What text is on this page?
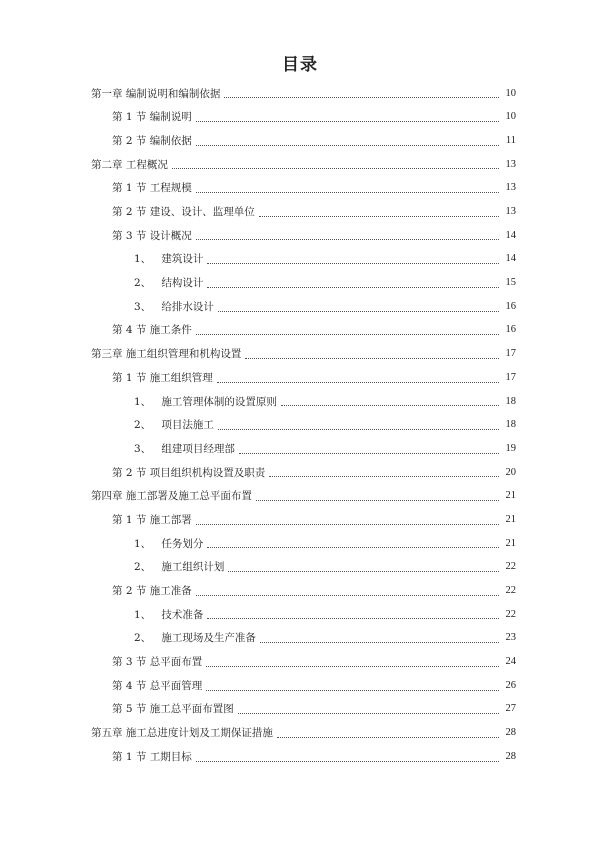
目录
第一章 编制说明和编制依据	10
第 1 节 编制说明	10
第 2 节 编制依据	11
第二章 工程概况	13
第 1 节 工程规模	13
第 2 节 建设、设计、监理单位	13
第 3 节 设计概况	14
1、 建筑设计	14
2、 结构设计	15
3、 给排水设计	16
第 4 节 施工条件	16
第三章 施工组织管理和机构设置	17
第 1 节 施工组织管理	17
1、 施工管理体制的设置原则	18
2、 项目法施工	18
3、 组建项目经理部	19
第 2 节 项目组织机构设置及职责	20
第四章 施工部署及施工总平面布置	21
第 1 节 施工部署	21
1、 任务划分	21
2、 施工组织计划	22
第 2 节 施工准备	22
1、 技术准备	22
2、 施工现场及生产准备	23
第 3 节 总平面布置	24
第 4 节 总平面管理	26
第 5 节 施工总平面布置图	27
第五章 施工总进度计划及工期保证措施	28
第 1 节 工期目标	28
